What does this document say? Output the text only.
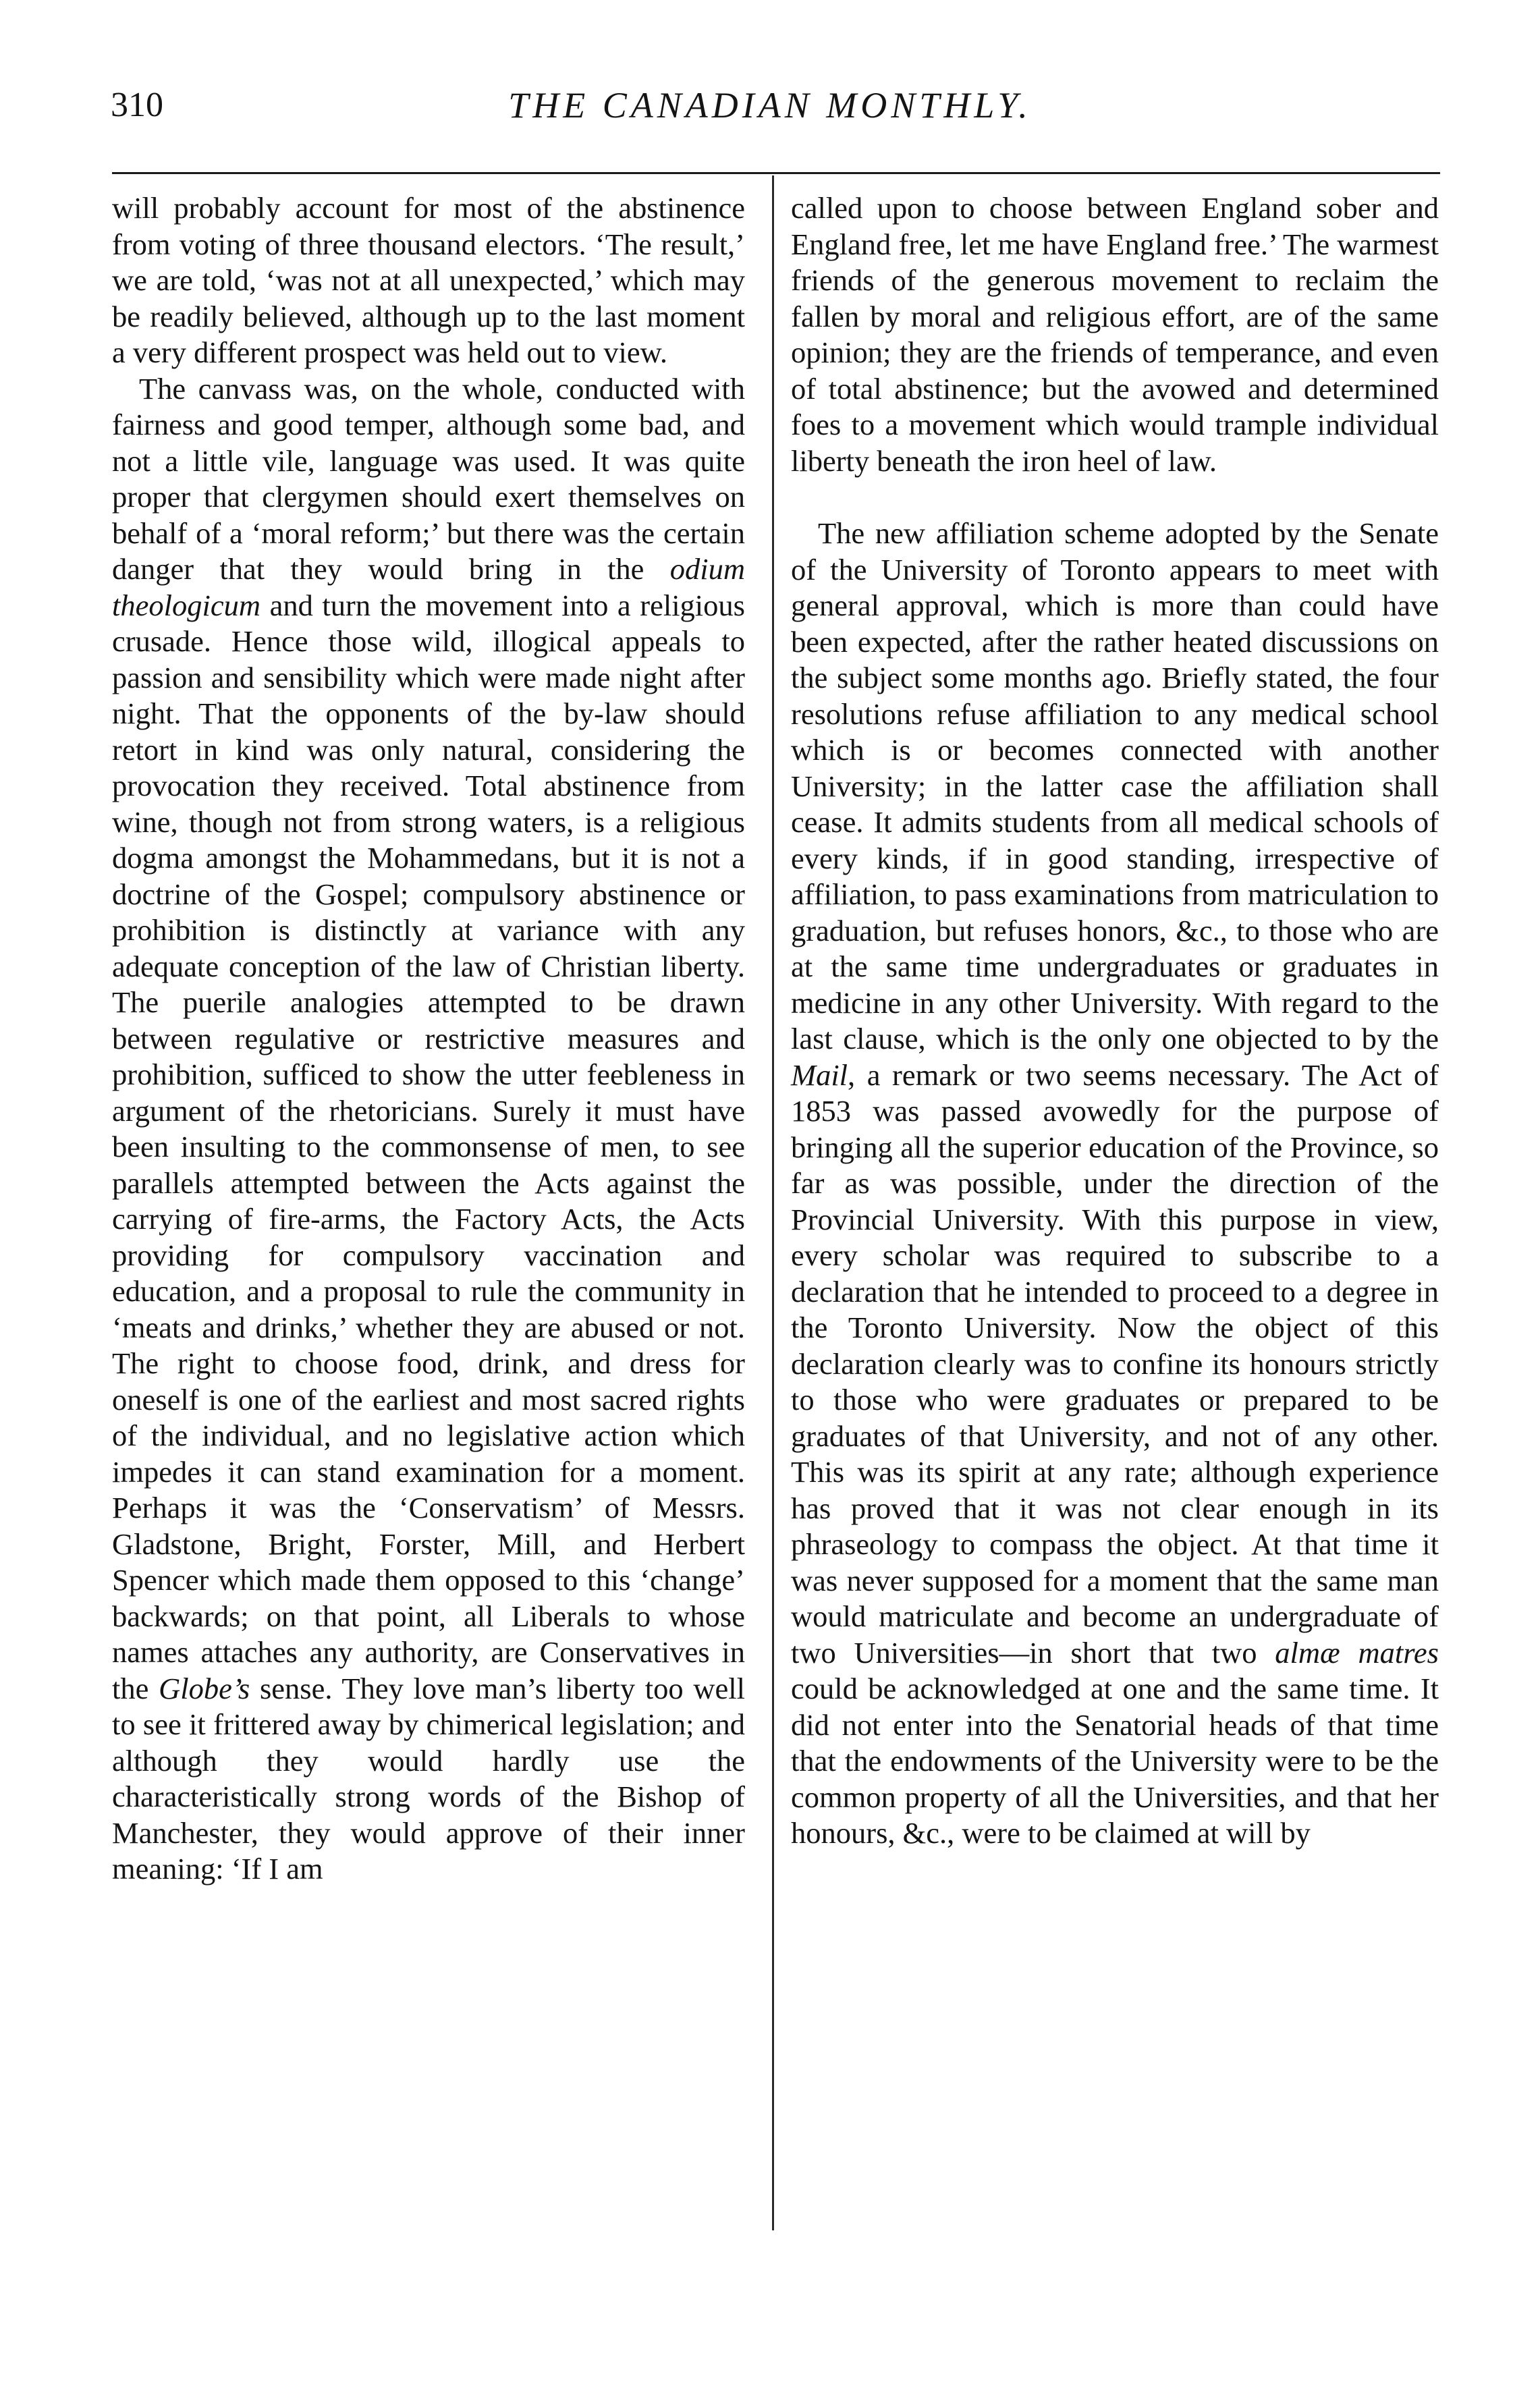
310	THE CANADIAN MONTHLY.

will probably account for most of the abstinence from voting of three thousand electors. ‘The result,’ we are told, ‘was not at all unexpected,’ which may be readily believed, although up to the last moment a very different prospect was held out to view.

The canvass was, on the whole, conducted with fairness and good temper, although some bad, and not a little vile, language was used. It was quite proper that clergymen should exert themselves on behalf of a ‘moral reform;’ but there was the certain danger that they would bring in the odium theologicum and turn the movement into a religious crusade. Hence those wild, illogical appeals to passion and sensibility which were made night after night. That the opponents of the by-law should retort in kind was only natural, considering the provocation they received. Total abstinence from wine, though not from strong waters, is a religious dogma amongst the Mohammedans, but it is not a doctrine of the Gospel; compulsory abstinence or prohibition is distinctly at variance with any adequate conception of the law of Christian liberty. The puerile analogies attempted to be drawn between regulative or restrictive measures and prohibition, sufficed to show the utter feebleness in argument of the rhetoricians. Surely it must have been insulting to the commonsense of men, to see parallels attempted between the Acts against the carrying of fire-arms, the Factory Acts, the Acts providing for compulsory vaccination and education, and a proposal to rule the community in ‘meats and drinks,’ whether they are abused or not. The right to choose food, drink, and dress for oneself is one of the earliest and most sacred rights of the individual, and no legislative action which impedes it can stand examination for a moment. Perhaps it was the ‘Conservatism’ of Messrs. Gladstone, Bright, Forster, Mill, and Herbert Spencer which made them opposed to this ‘change’ backwards; on that point, all Liberals to whose names attaches any authority, are Conservatives in the Globe’s sense. They love man’s liberty too well to see it frittered away by chimerical legislation; and although they would hardly use the characteristically strong words of the Bishop of Manchester, they would approve of their inner meaning: ‘If I am

called upon to choose between England sober and England free, let me have England free.’ The warmest friends of the generous movement to reclaim the fallen by moral and religious effort, are of the same opinion; they are the friends of temperance, and even of total abstinence; but the avowed and determined foes to a movement which would trample individual liberty beneath the iron heel of law.

The new affiliation scheme adopted by the Senate of the University of Toronto appears to meet with general approval, which is more than could have been expected, after the rather heated discussions on the subject some months ago. Briefly stated, the four resolutions refuse affiliation to any medical school which is or becomes connected with another University; in the latter case the affiliation shall cease. It admits students from all medical schools of every kinds, if in good standing, irrespective of affiliation, to pass examinations from matriculation to graduation, but refuses honors, &c., to those who are at the same time undergraduates or graduates in medicine in any other University. With regard to the last clause, which is the only one objected to by the Mail, a remark or two seems necessary. The Act of 1853 was passed avowedly for the purpose of bringing all the superior education of the Province, so far as was possible, under the direction of the Provincial University. With this purpose in view, every scholar was required to subscribe to a declaration that he intended to proceed to a degree in the Toronto University. Now the object of this declaration clearly was to confine its honours strictly to those who were graduates or prepared to be graduates of that University, and not of any other. This was its spirit at any rate; although experience has proved that it was not clear enough in its phraseology to compass the object. At that time it was never supposed for a moment that the same man would matriculate and become an undergraduate of two Universities—in short that two almæ matres could be acknowledged at one and the same time. It did not enter into the Senatorial heads of that time that the endowments of the University were to be the common property of all the Universities, and that her honours, &c., were to be claimed at will by
